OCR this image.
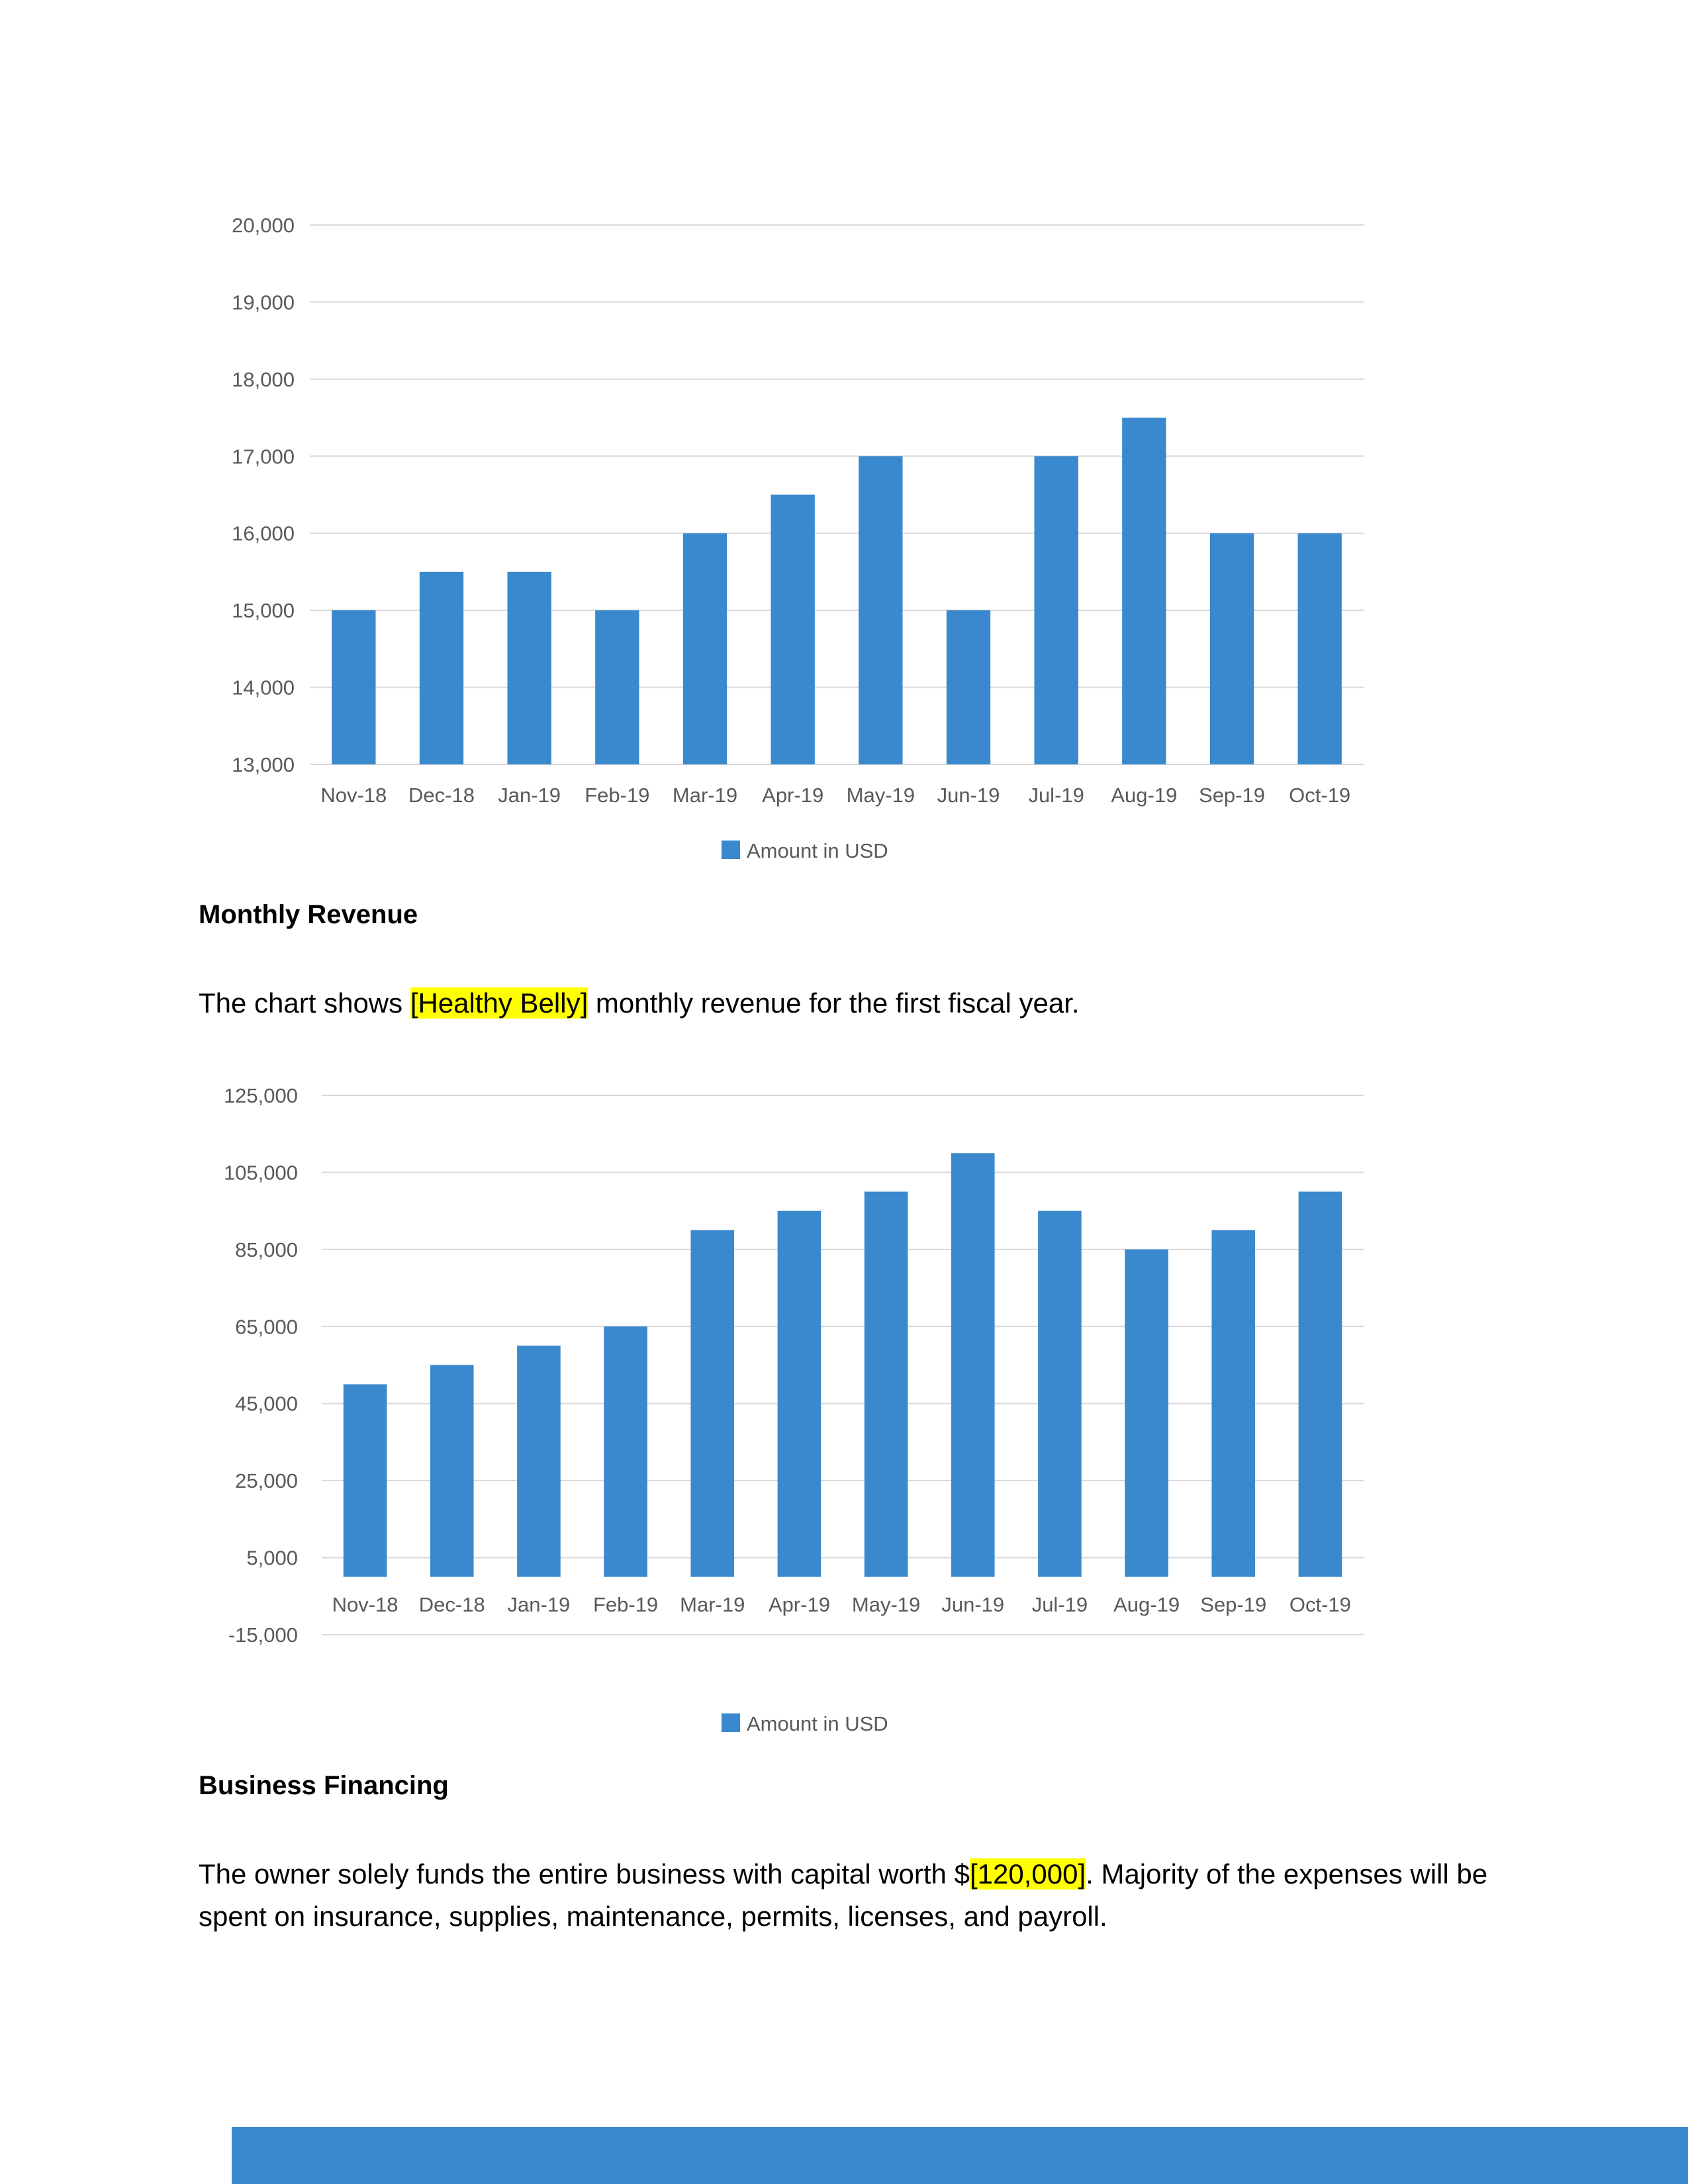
13,000
14,000
15,000
16,000
17,000
18,000
19,000
20,000
Nov-18 Dec-18 Jan-19 Feb-19 Mar-19 Apr-19 May-19 Jun-19 Jul-19 Aug-19 Sep-19 Oct-19
Amount in USD
Monthly Revenue

The chart shows [Healthy Belly] monthly revenue for the first fiscal year.

-15,000
5,000
25,000
45,000
65,000
85,000
105,000
125,000
Nov-18 Dec-18 Jan-19 Feb-19 Mar-19 Apr-19 May-19 Jun-19 Jul-19 Aug-19 Sep-19 Oct-19
Amount in USD
Business Financing

The owner solely funds the entire business with capital worth $[120,000]. Majority of the expenses will be spent on insurance, supplies, maintenance, permits, licenses, and payroll.
